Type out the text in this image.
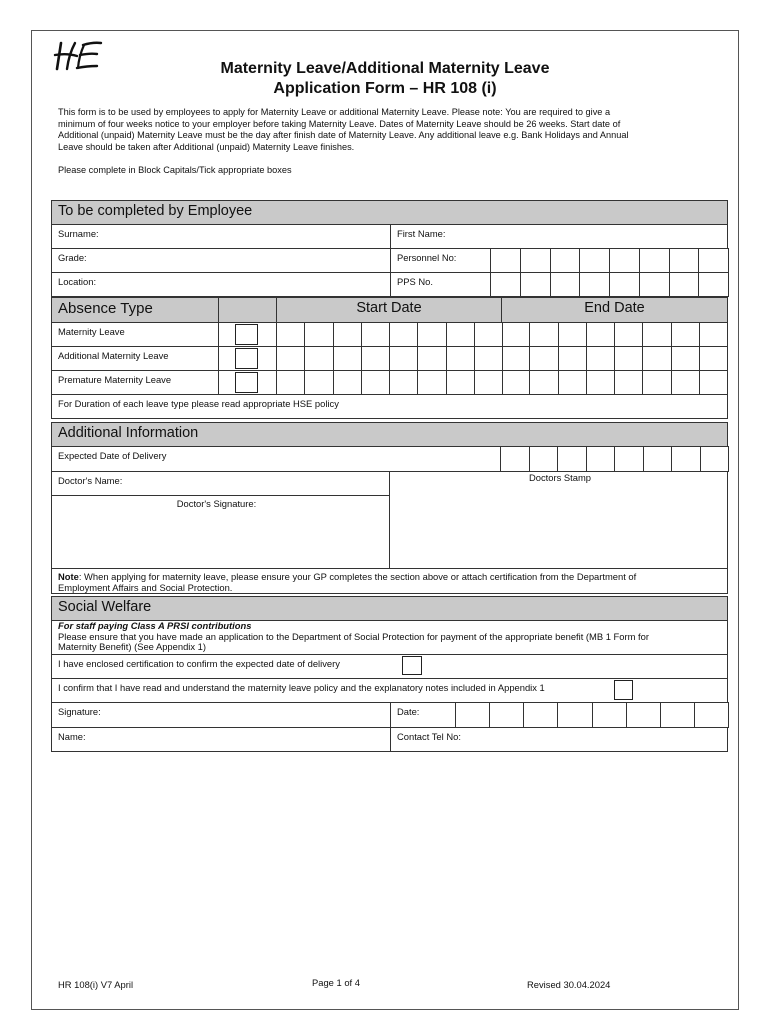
Maternity Leave/Additional Maternity Leave
Application Form – HR 108 (i)
This form is to be used by employees to apply for Maternity Leave or additional Maternity Leave. Please note: You are required to give a
minimum of four weeks notice to your employer before taking Maternity Leave. Dates of Maternity Leave should be 26 weeks. Start date of
Additional (unpaid) Maternity Leave must be the day after finish date of Maternity Leave. Any additional leave e.g. Bank Holidays and Annual
Leave should be taken after Additional (unpaid) Maternity Leave finishes.
Please complete in Block Capitals/Tick appropriate boxes
To be completed by Employee
Surname:	First Name:
Grade:	Personnel No:
Location:	PPS No.
Absence Type	Start Date	End Date
Maternity Leave
Additional Maternity Leave
Premature Maternity Leave
For Duration of each leave type please read appropriate HSE policy
Additional Information
Expected Date of Delivery
Doctor's Name:	Doctors Stamp
Doctor's Signature:
Note: When applying for maternity leave, please ensure your GP completes the section above or attach certification from the Department of
Employment Affairs and Social Protection.
Social Welfare
For staff paying Class A PRSI contributions
Please ensure that you have made an application to the Department of Social Protection for payment of the appropriate benefit (MB 1 Form for
Maternity Benefit) (See Appendix 1)
I have enclosed certification to confirm the expected date of delivery
I confirm that I have read and understand the maternity leave policy and the explanatory notes included in Appendix 1
Signature:	Date:
Name:	Contact Tel No:
HR 108(i) V7 April	Page 1 of 4	Revised 30.04.2024
